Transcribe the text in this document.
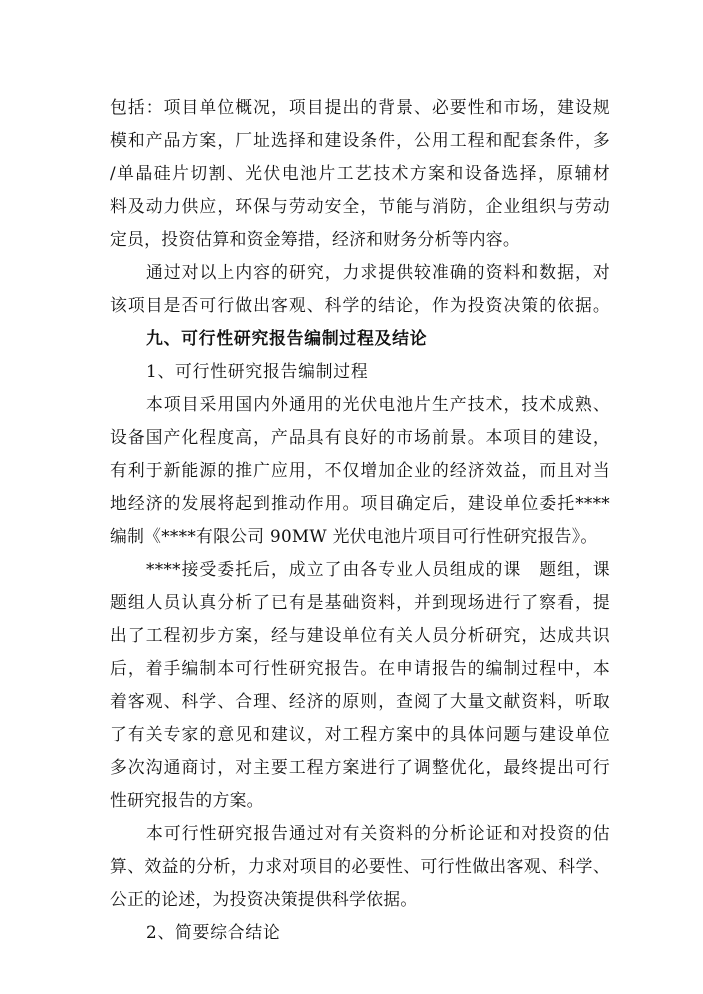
包括：项目单位概况，项目提出的背景、必要性和市场，建设规
模和产品方案，厂址选择和建设条件，公用工程和配套条件，多
/单晶硅片切割、光伏电池片工艺技术方案和设备选择，原辅材
料及动力供应，环保与劳动安全，节能与消防，企业组织与劳动
定员，投资估算和资金筹措，经济和财务分析等内容。
通过对以上内容的研究，力求提供较准确的资料和数据，对
该项目是否可行做出客观、科学的结论，作为投资决策的依据。
九、可行性研究报告编制过程及结论
1、可行性研究报告编制过程
本项目采用国内外通用的光伏电池片生产技术，技术成熟、
设备国产化程度高，产品具有良好的市场前景。本项目的建设，
有利于新能源的推广应用，不仅增加企业的经济效益，而且对当
地经济的发展将起到推动作用。项目确定后，建设单位委托****
编制《****有限公司 90MW 光伏电池片项目可行性研究报告》。
****接受委托后，成立了由各专业人员组成的课　题组，课
题组人员认真分析了已有是基础资料，并到现场进行了察看，提
出了工程初步方案，经与建设单位有关人员分析研究，达成共识
后，着手编制本可行性研究报告。在申请报告的编制过程中，本
着客观、科学、合理、经济的原则，查阅了大量文献资料，听取
了有关专家的意见和建议，对工程方案中的具体问题与建设单位
多次沟通商讨，对主要工程方案进行了调整优化，最终提出可行
性研究报告的方案。
本可行性研究报告通过对有关资料的分析论证和对投资的估
算、效益的分析，力求对项目的必要性、可行性做出客观、科学、
公正的论述，为投资决策提供科学依据。
2、简要综合结论
